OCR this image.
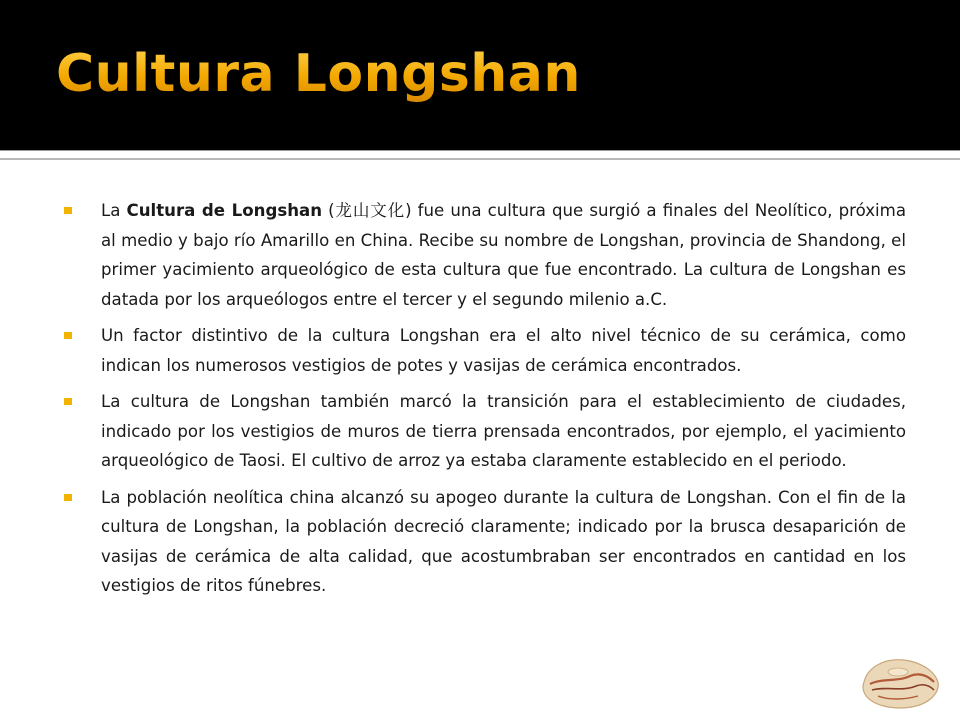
Cultura Longshan
La Cultura de Longshan (龙山文化) fue una cultura que surgió a finales del Neolítico, próxima al medio y bajo río Amarillo en China. Recibe su nombre de Longshan, provincia de Shandong, el primer yacimiento arqueológico de esta cultura que fue encontrado. La cultura de Longshan es datada por los arqueólogos entre el tercer y el segundo milenio a.C.
Un factor distintivo de la cultura Longshan era el alto nivel técnico de su cerámica, como indican los numerosos vestigios de potes y vasijas de cerámica encontrados.
La cultura de Longshan también marcó la transición para el establecimiento de ciudades, indicado por los vestigios de muros de tierra prensada encontrados, por ejemplo, el yacimiento arqueológico de Taosi. El cultivo de arroz ya estaba claramente establecido en el periodo.
La población neolítica china alcanzó su apogeo durante la cultura de Longshan. Con el fin de la cultura de Longshan, la población decreció claramente; indicado por la brusca desaparición de vasijas de cerámica de alta calidad, que acostumbraban ser encontrados en cantidad en los vestigios de ritos fúnebres.
